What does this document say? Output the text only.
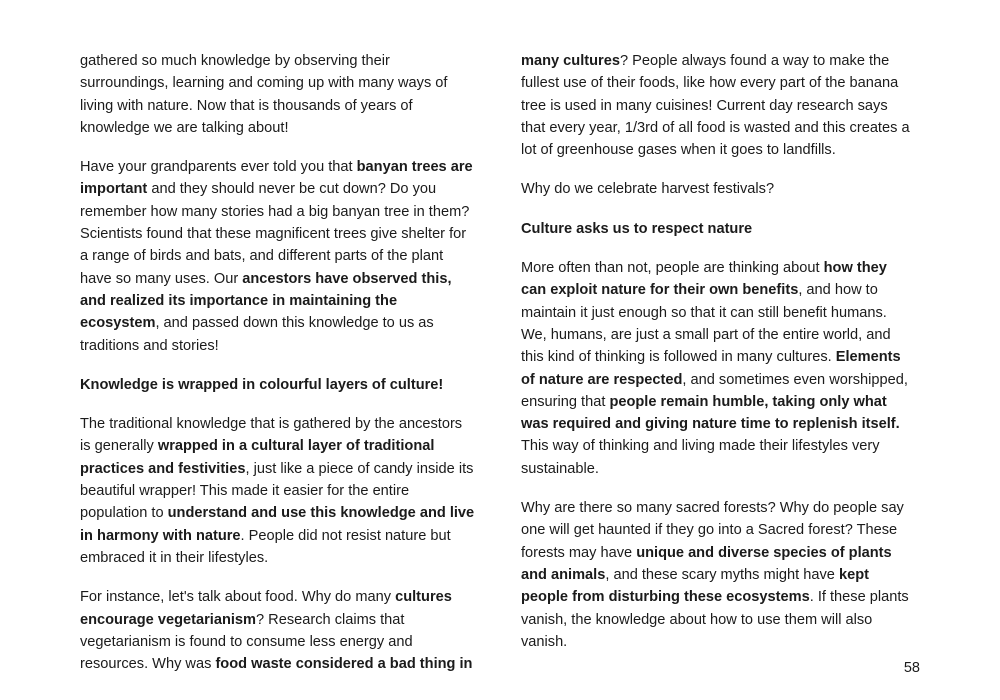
gathered so much knowledge by observing their surroundings, learning and coming up with many ways of living with nature. Now that is thousands of years of knowledge we are talking about!

Have your grandparents ever told you that banyan trees are important and they should never be cut down? Do you remember how many stories had a big banyan tree in them? Scientists found that these magnificent trees give shelter for a range of birds and bats, and different parts of the plant have so many uses. Our ancestors have observed this, and realized its importance in maintaining the ecosystem, and passed down this knowledge to us as traditions and stories!

Knowledge is wrapped in colourful layers of culture!

The traditional knowledge that is gathered by the ancestors is generally wrapped in a cultural layer of traditional practices and festivities, just like a piece of candy inside its beautiful wrapper! This made it easier for the entire population to understand and use this knowledge and live in harmony with nature. People did not resist nature but embraced it in their lifestyles.

For instance, let's talk about food. Why do many cultures encourage vegetarianism? Research claims that vegetarianism is found to consume less energy and resources. Why was food waste considered a bad thing in

many cultures? People always found a way to make the fullest use of their foods, like how every part of the banana tree is used in many cuisines! Current day research says that every year, 1/3rd of all food is wasted and this creates a lot of greenhouse gases when it goes to landfills.

Why do we celebrate harvest festivals?

Culture asks us to respect nature

More often than not, people are thinking about how they can exploit nature for their own benefits, and how to maintain it just enough so that it can still benefit humans. We, humans, are just a small part of the entire world, and this kind of thinking is followed in many cultures. Elements of nature are respected, and sometimes even worshipped, ensuring that people remain humble, taking only what was required and giving nature time to replenish itself. This way of thinking and living made their lifestyles very sustainable.

Why are there so many sacred forests? Why do people say one will get haunted if they go into a Sacred forest? These forests may have unique and diverse species of plants and animals, and these scary myths might have kept people from disturbing these ecosystems. If these plants vanish, the knowledge about how to use them will also vanish.

58
